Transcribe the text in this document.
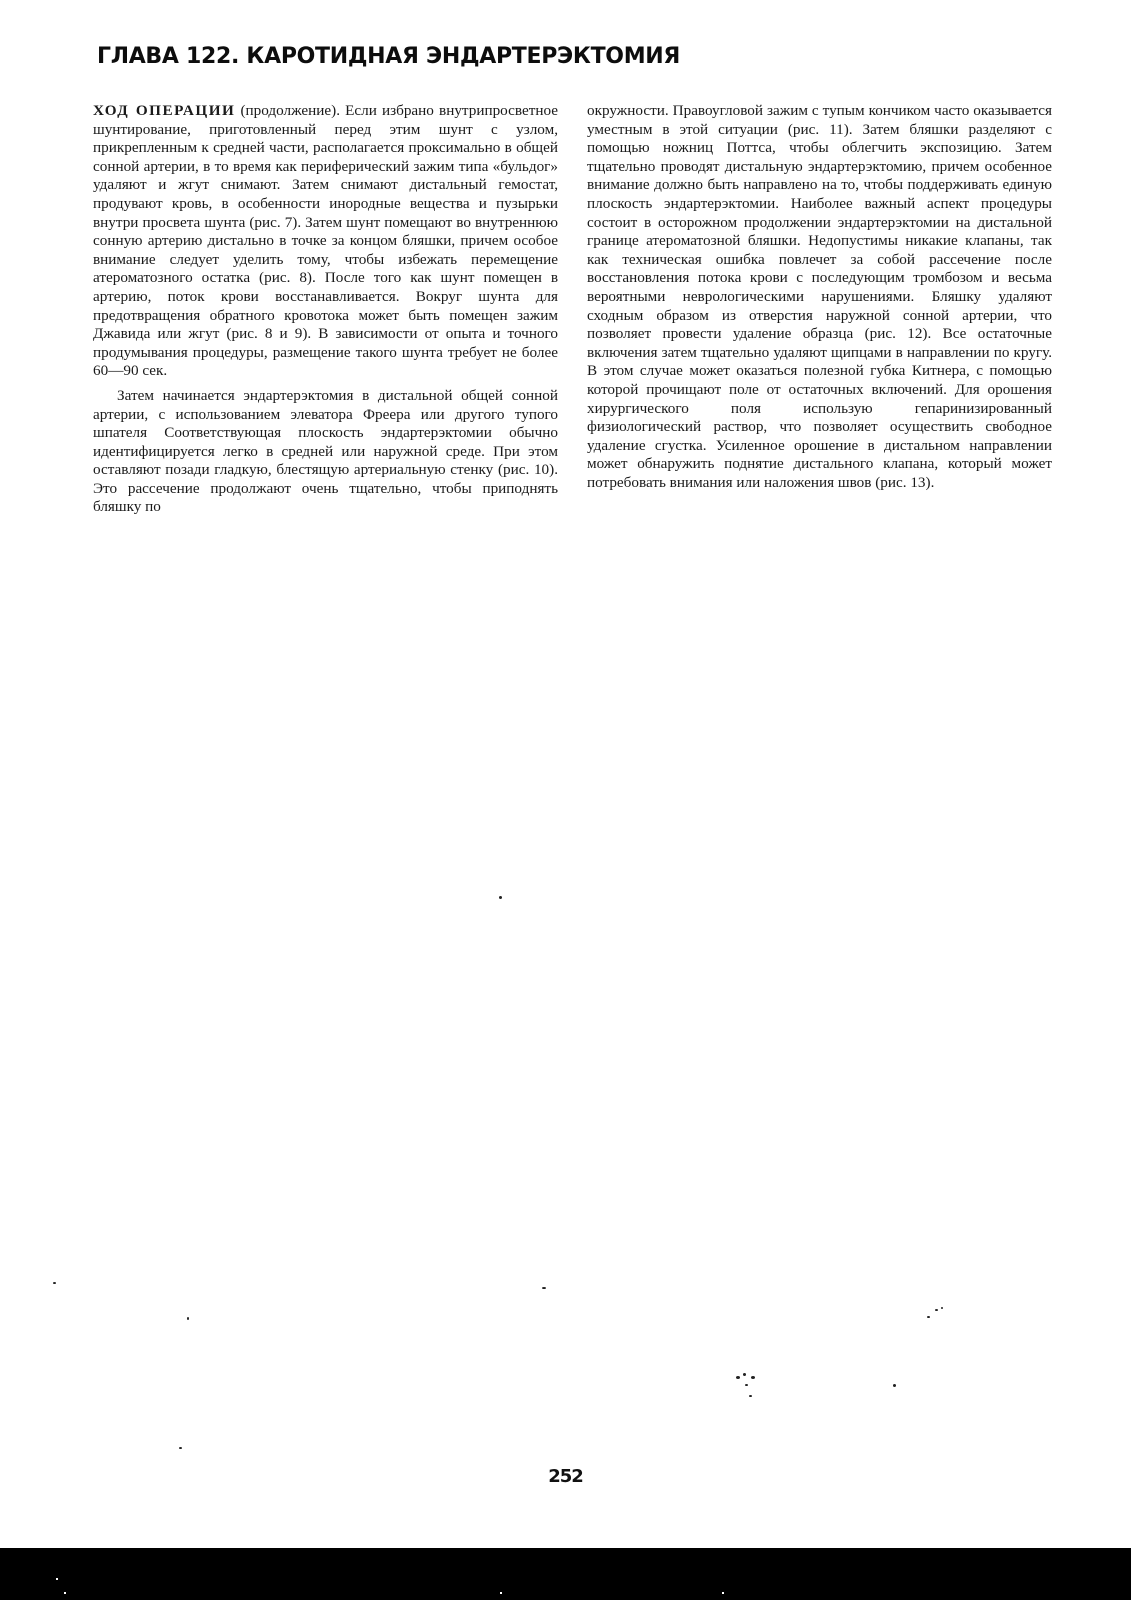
ГЛАВА 122. КАРОТИДНАЯ ЭНДАРТЕРЭКТОМИЯ

ХОД ОПЕРАЦИИ (продолжение). Если избрано внутрипросветное шунтирование, приготовленный перед этим шунт с узлом, прикрепленным к средней части, располагается проксимально в общей сонной артерии, в то время как периферический зажим типа «бульдог» удаляют и жгут снимают. Затем снимают дистальный гемостат, продувают кровь, в особенности инородные вещества и пузырьки внутри просвета шунта (рис. 7). Затем шунт помещают во внутреннюю сонную артерию дистально в точке за концом бляшки, причем особое внимание следует уделить тому, чтобы избежать перемещение атероматозного остатка (рис. 8). После того как шунт помещен в артерию, поток крови восстанавливается. Вокруг шунта для предотвращения обратного кровотока может быть помещен зажим Джавида или жгут (рис. 8 и 9). В зависимости от опыта и точного продумывания процедуры, размещение такого шунта требует не более 60—90 сек.

Затем начинается эндартерэктомия в дистальной общей сонной артерии, с использованием элеватора Фреера или другого тупого шпателя Соответствующая плоскость эндартерэктомии обычно идентифицируется легко в средней или наружной среде. При этом оставляют позади гладкую, блестящую артериальную стенку (рис. 10). Это рассечение продолжают очень тщательно, чтобы приподнять бляшку по

окружности. Правоугловой зажим с тупым кончиком часто оказывается уместным в этой ситуации (рис. 11). Затем бляшки разделяют с помощью ножниц Поттса, чтобы облегчить экспозицию. Затем тщательно проводят дистальную эндартерэктомию, причем особенное внимание должно быть направлено на то, чтобы поддерживать единую плоскость эндартерэктомии. Наиболее важный аспект процедуры состоит в осторожном продолжении эндартерэктомии на дистальной границе атероматозной бляшки. Недопустимы никакие клапаны, так как техническая ошибка повлечет за собой рассечение после восстановления потока крови с последующим тромбозом и весьма вероятными неврологическими нарушениями. Бляшку удаляют сходным образом из отверстия наружной сонной артерии, что позволяет провести удаление образца (рис. 12). Все остаточные включения затем тщательно удаляют щипцами в направлении по кругу. В этом случае может оказаться полезной губка Китнера, с помощью которой прочищают поле от остаточных включений. Для орошения хирургического поля использую гепаринизированный физиологический раствор, что позволяет осуществить свободное удаление сгустка. Усиленное орошение в дистальном направлении может обнаружить поднятие дистального клапана, который может потребовать внимания или наложения швов (рис. 13).

252
